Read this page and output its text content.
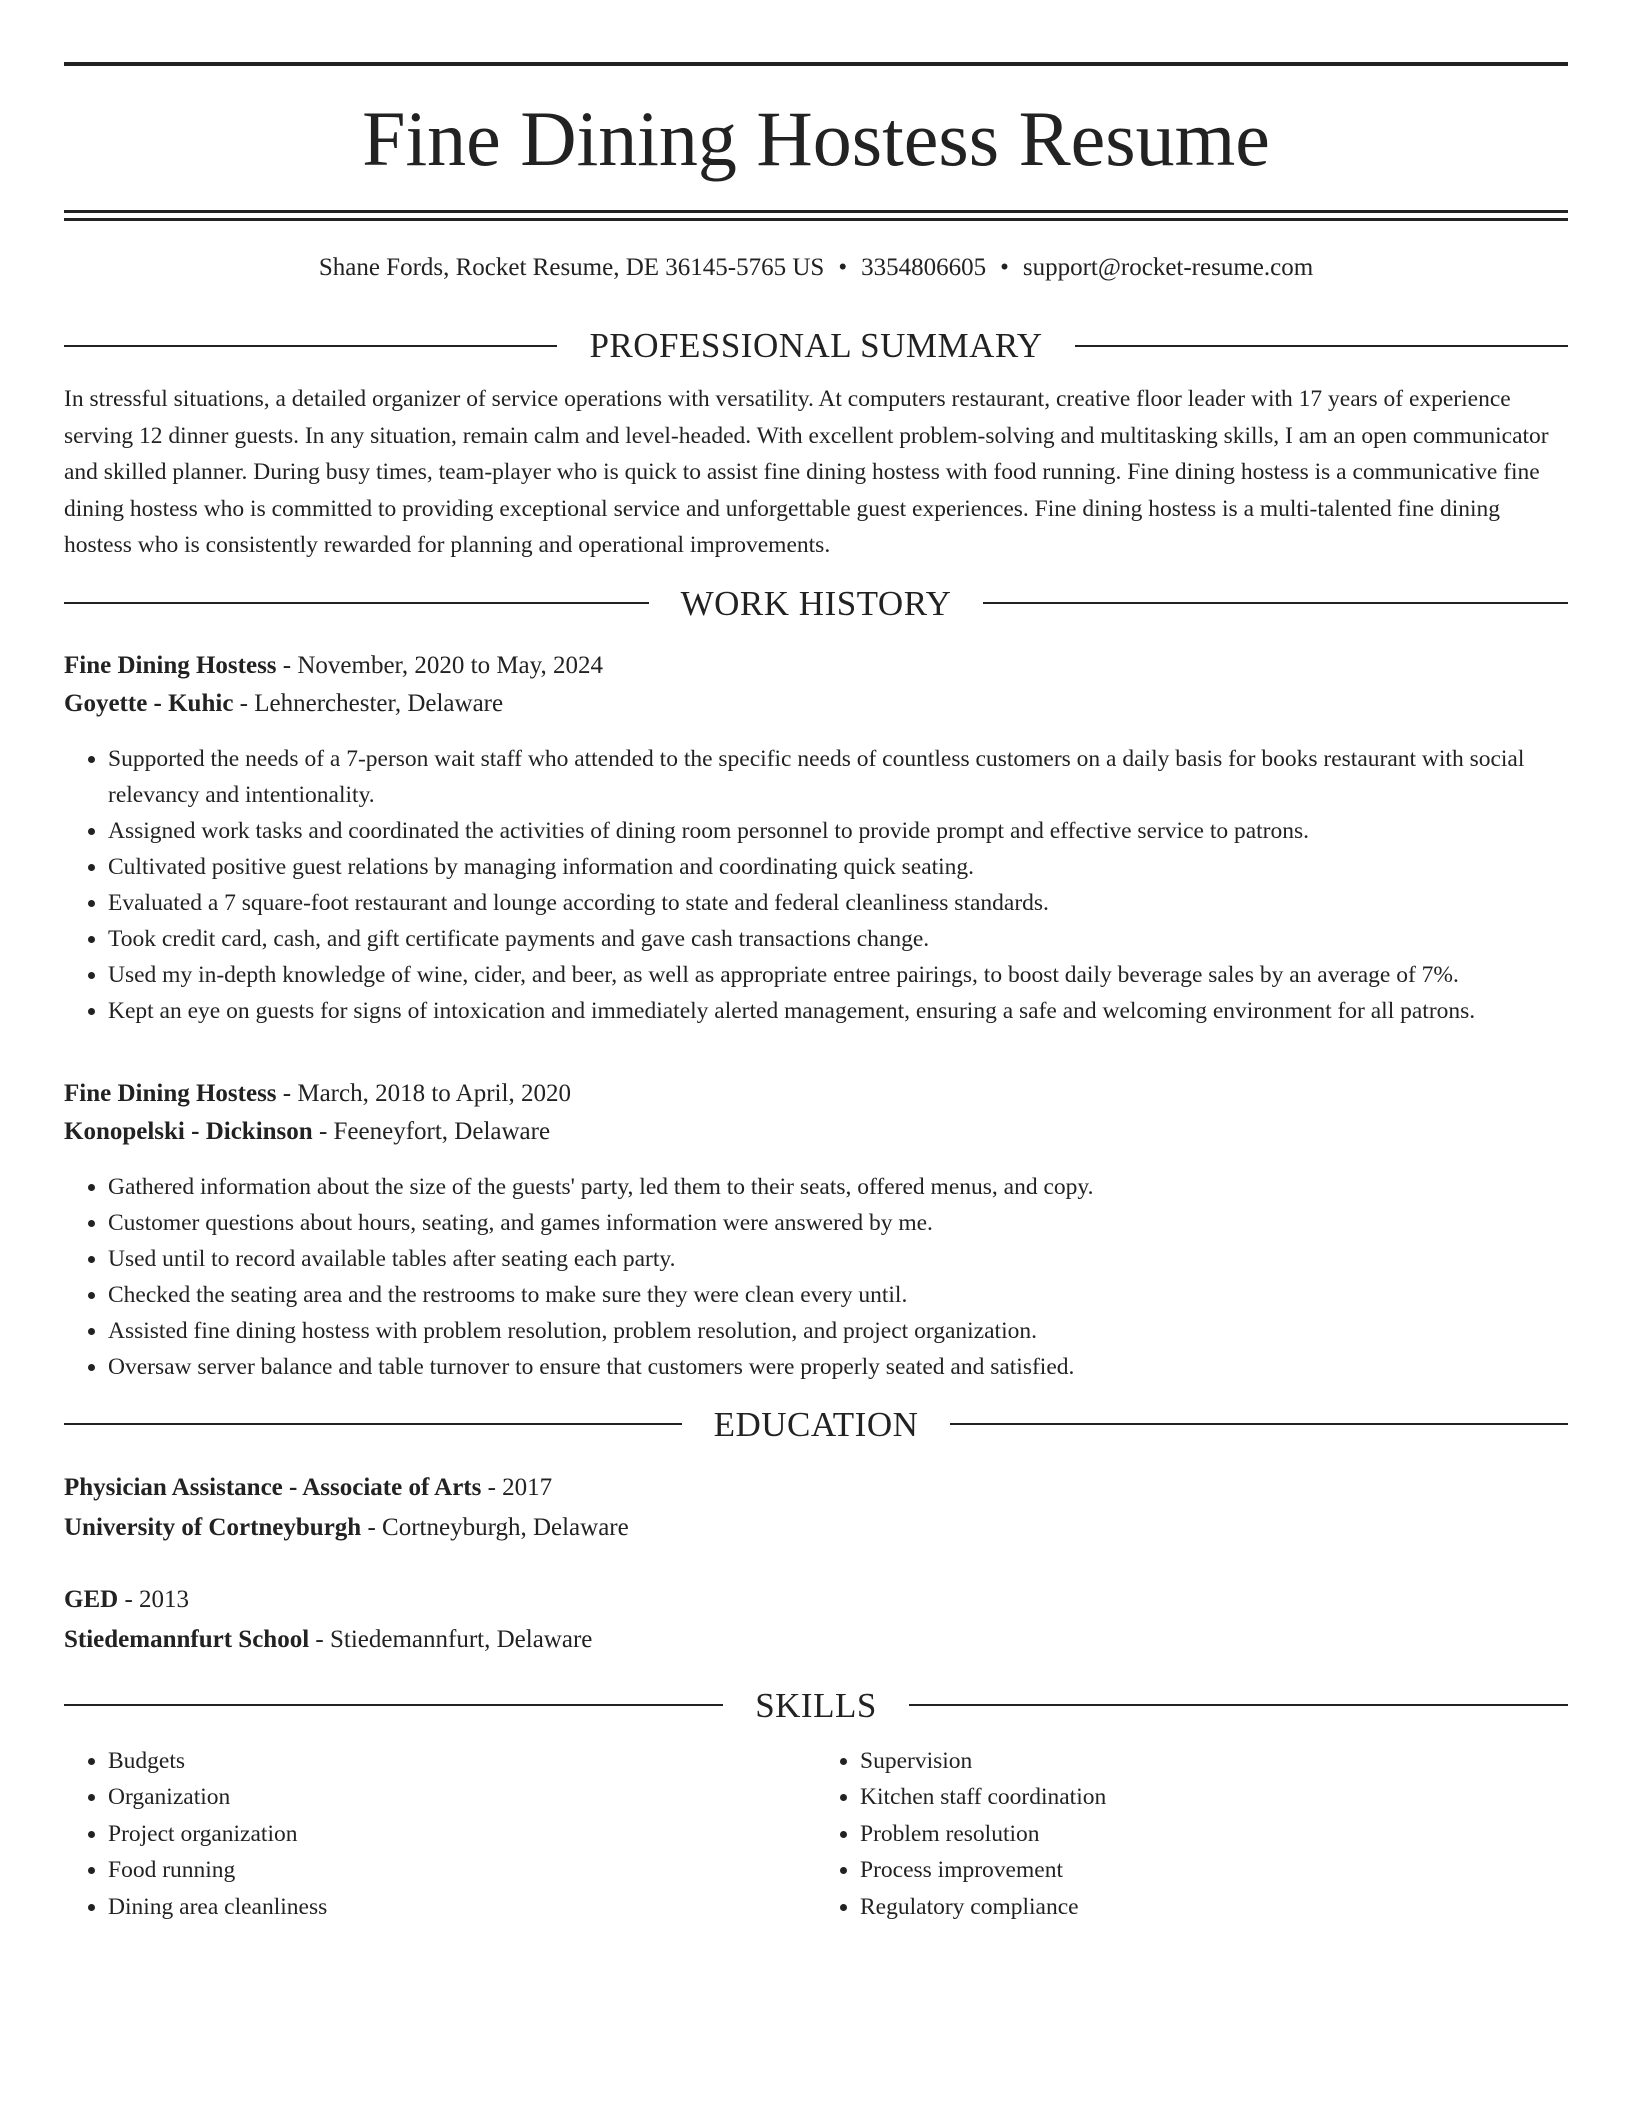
Fine Dining Hostess Resume
Shane Fords, Rocket Resume, DE 36145-5765 US • 3354806605 • support@rocket-resume.com
PROFESSIONAL SUMMARY
In stressful situations, a detailed organizer of service operations with versatility. At computers restaurant, creative floor leader with 17 years of experience serving 12 dinner guests. In any situation, remain calm and level-headed. With excellent problem-solving and multitasking skills, I am an open communicator and skilled planner. During busy times, team-player who is quick to assist fine dining hostess with food running. Fine dining hostess is a communicative fine dining hostess who is committed to providing exceptional service and unforgettable guest experiences. Fine dining hostess is a multi-talented fine dining hostess who is consistently rewarded for planning and operational improvements.
WORK HISTORY
Fine Dining Hostess - November, 2020 to May, 2024
Goyette - Kuhic - Lehnerchester, Delaware
• Supported the needs of a 7-person wait staff who attended to the specific needs of countless customers on a daily basis for books restaurant with social relevancy and intentionality.
• Assigned work tasks and coordinated the activities of dining room personnel to provide prompt and effective service to patrons.
• Cultivated positive guest relations by managing information and coordinating quick seating.
• Evaluated a 7 square-foot restaurant and lounge according to state and federal cleanliness standards.
• Took credit card, cash, and gift certificate payments and gave cash transactions change.
• Used my in-depth knowledge of wine, cider, and beer, as well as appropriate entree pairings, to boost daily beverage sales by an average of 7%.
• Kept an eye on guests for signs of intoxication and immediately alerted management, ensuring a safe and welcoming environment for all patrons.
Fine Dining Hostess - March, 2018 to April, 2020
Konopelski - Dickinson - Feeneyfort, Delaware
• Gathered information about the size of the guests' party, led them to their seats, offered menus, and copy.
• Customer questions about hours, seating, and games information were answered by me.
• Used until to record available tables after seating each party.
• Checked the seating area and the restrooms to make sure they were clean every until.
• Assisted fine dining hostess with problem resolution, problem resolution, and project organization.
• Oversaw server balance and table turnover to ensure that customers were properly seated and satisfied.
EDUCATION
Physician Assistance - Associate of Arts - 2017
University of Cortneyburgh - Cortneyburgh, Delaware
GED - 2013
Stiedemannfurt School - Stiedemannfurt, Delaware
SKILLS
• Budgets
• Organization
• Project organization
• Food running
• Dining area cleanliness
• Supervision
• Kitchen staff coordination
• Problem resolution
• Process improvement
• Regulatory compliance
